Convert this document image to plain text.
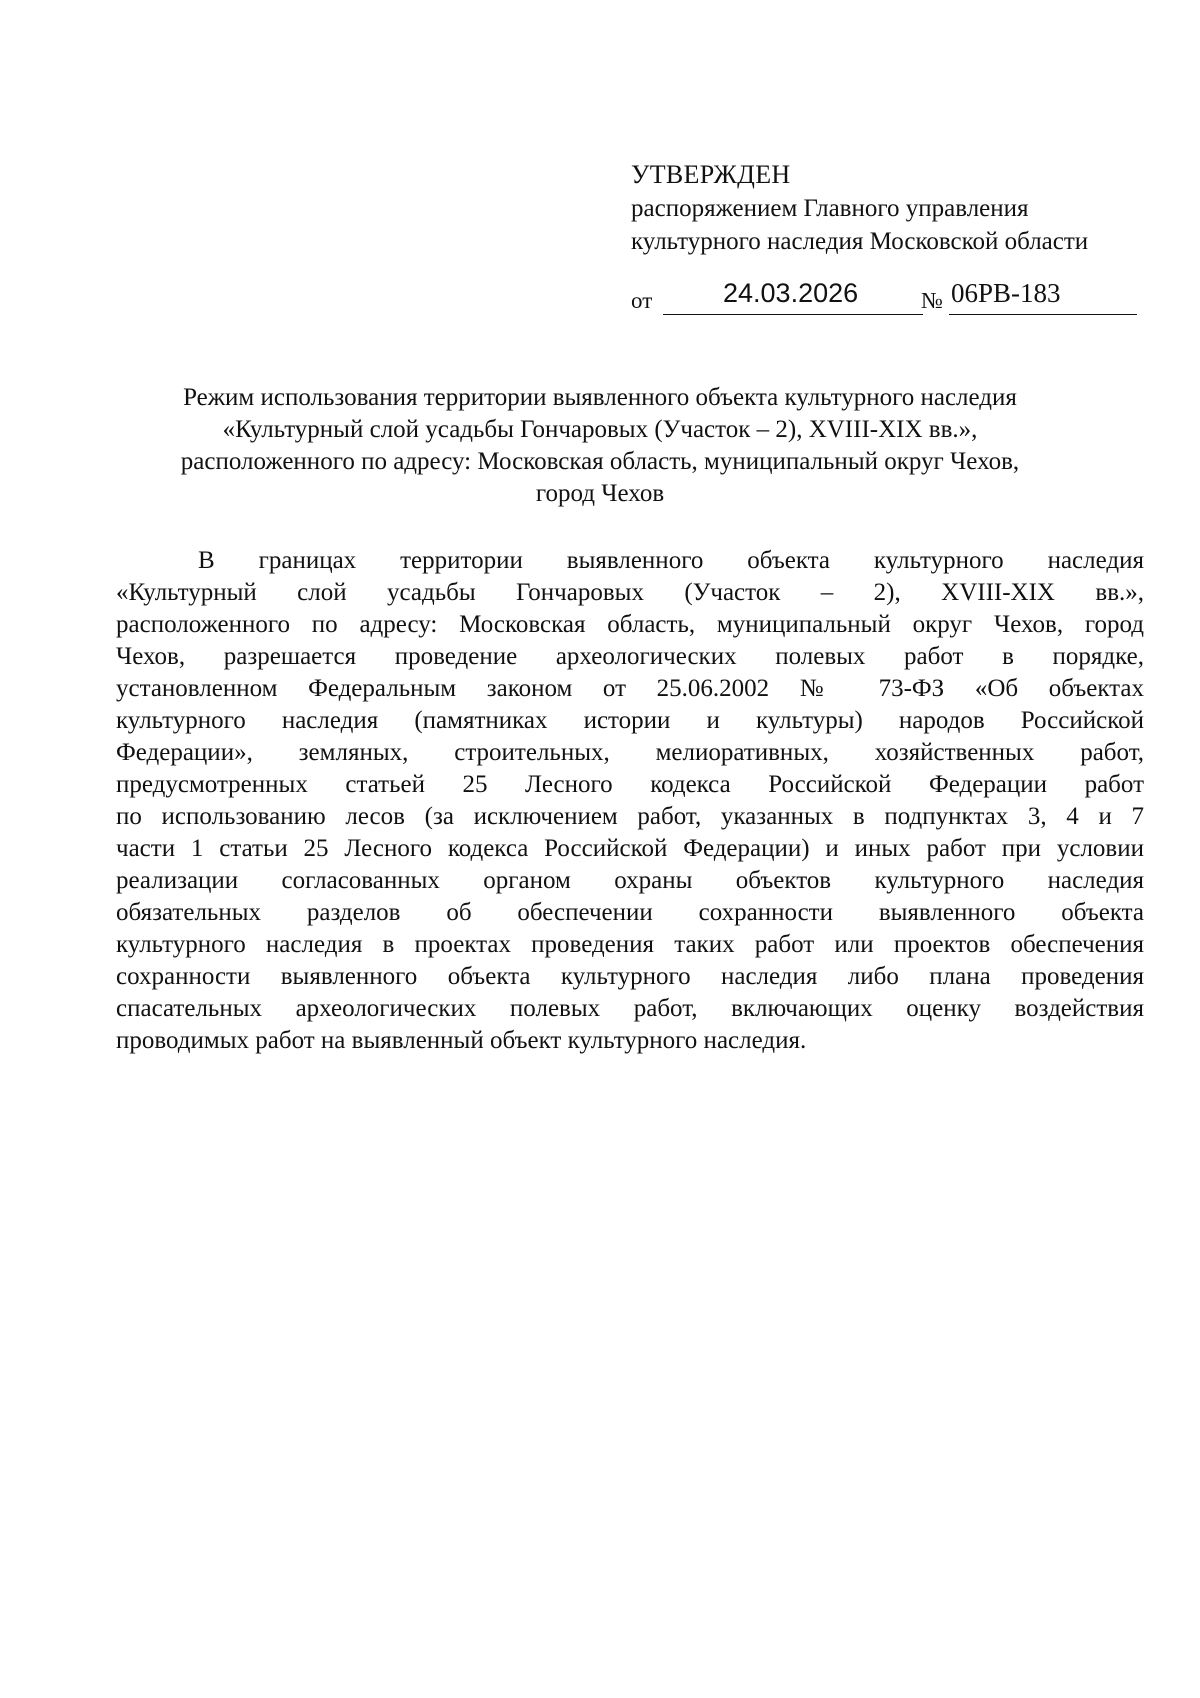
УТВЕРЖДЕН
распоряжением Главного управления
культурного наследия Московской области
от	24.03.2026	№ 06РВ-183
Режим использования территории выявленного объекта культурного наследия
«Культурный слой усадьбы Гончаровых (Участок – 2), XVIII-XIX вв.»,
расположенного по адресу: Московская область, муниципальный округ Чехов,
город Чехов
В границах территории выявленного объекта культурного наследия
«Культурный слой усадьбы Гончаровых (Участок – 2), XVIII-XIX вв.»,
расположенного по адресу: Московская область, муниципальный округ Чехов, город
Чехов, разрешается проведение археологических полевых работ в порядке,
установленном Федеральным законом от 25.06.2002 № 73-ФЗ «Об объектах
культурного наследия (памятниках истории и культуры) народов Российской
Федерации», земляных, строительных, мелиоративных, хозяйственных работ,
предусмотренных статьей 25 Лесного кодекса Российской Федерации работ
по использованию лесов (за исключением работ, указанных в подпунктах 3, 4 и 7
части 1 статьи 25 Лесного кодекса Российской Федерации) и иных работ при условии
реализации согласованных органом охраны объектов культурного наследия
обязательных разделов об обеспечении сохранности выявленного объекта
культурного наследия в проектах проведения таких работ или проектов обеспечения
сохранности выявленного объекта культурного наследия либо плана проведения
спасательных археологических полевых работ, включающих оценку воздействия
проводимых работ на выявленный объект культурного наследия.
